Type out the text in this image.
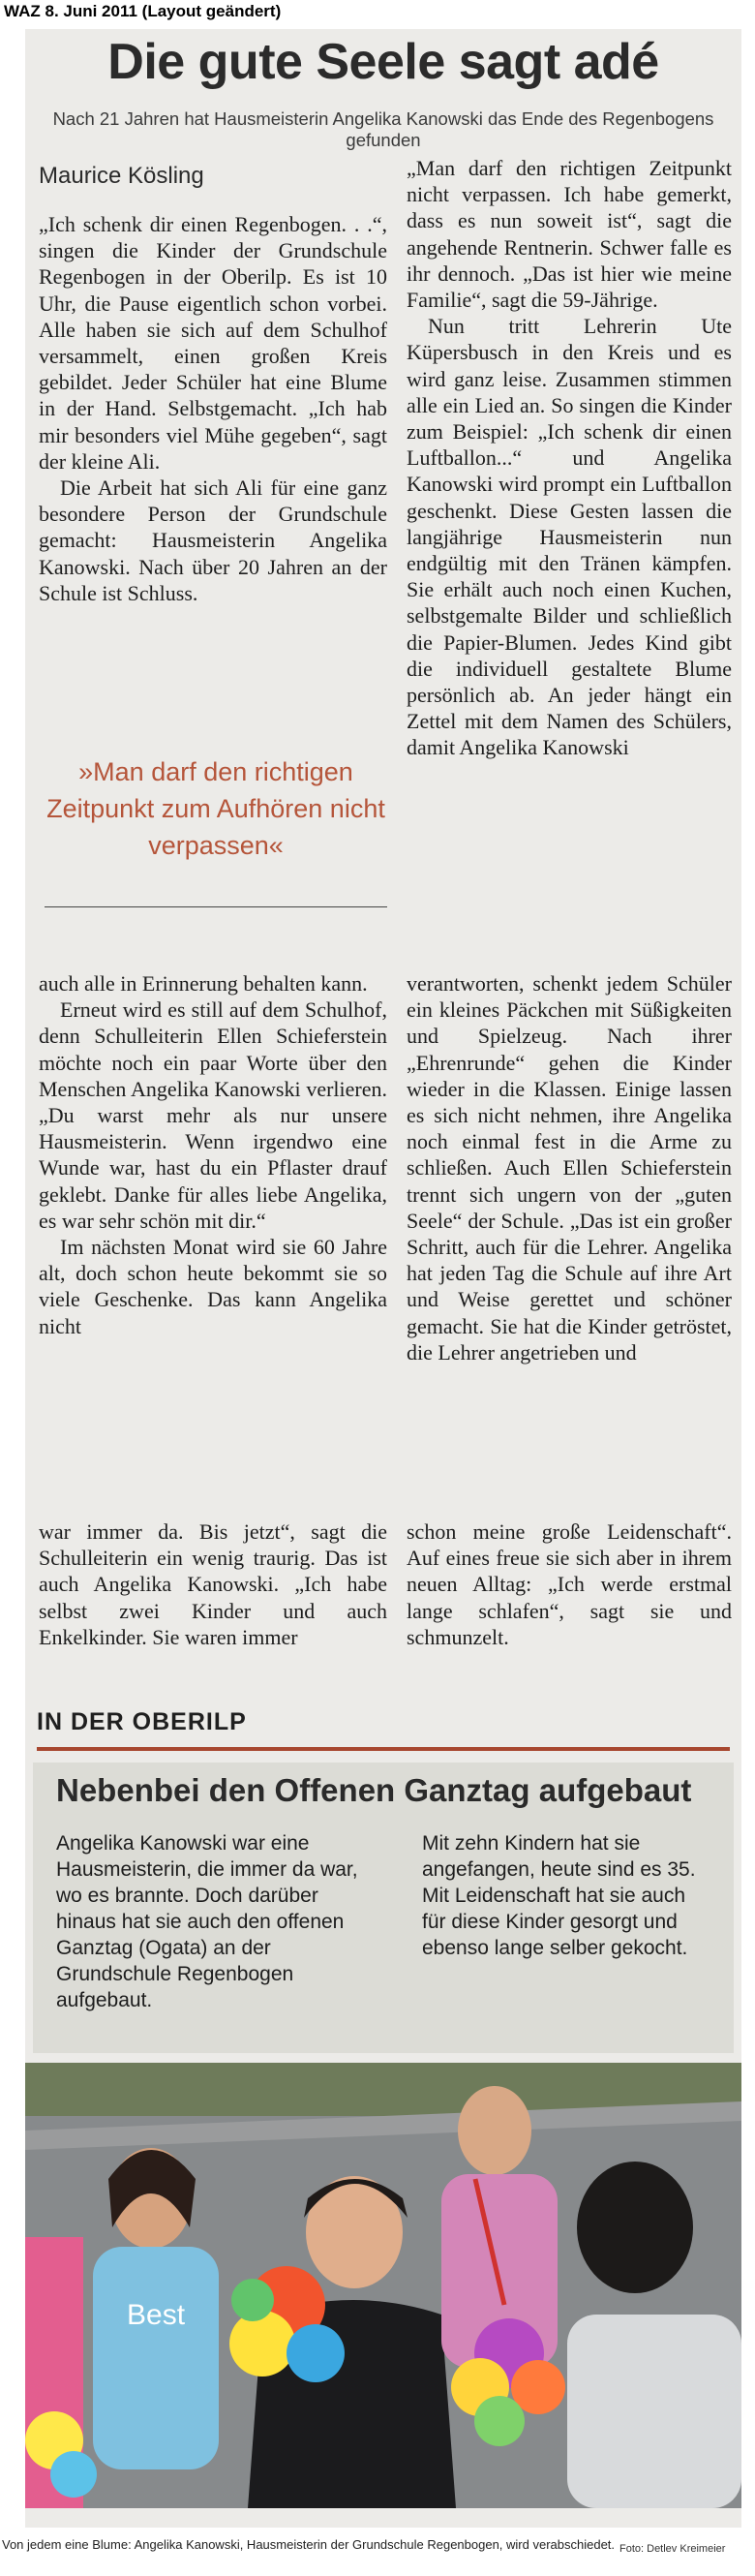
WAZ 8. Juni 2011 (Layout geändert)
Die gute Seele sagt adé
Nach 21 Jahren hat Hausmeisterin Angelika Kanowski das Ende des Regenbogens gefunden
Maurice Kösling

„Ich schenk dir einen Regenbogen. . .“, singen die Kinder der Grundschule Regenbogen in der Oberilp. Es ist 10 Uhr, die Pause eigentlich schon vorbei. Alle haben sie sich auf dem Schulhof versammelt, einen großen Kreis gebildet. Jeder Schüler hat eine Blume in der Hand. Selbstgemacht. „Ich hab mir besonders viel Mühe gegeben“, sagt der kleine Ali.

Die Arbeit hat sich Ali für eine ganz besondere Person der Grundschule gemacht: Hausmeisterin Angelika Kanowski. Nach über 20 Jahren an der Schule ist Schluss.

»Man darf den richtigen Zeitpunkt zum Aufhören nicht verpassen«

„Man darf den richtigen Zeitpunkt nicht verpassen. Ich habe gemerkt, dass es nun soweit ist“, sagt die angehende Rentnerin. Schwer falle es ihr dennoch. „Das ist hier wie meine Familie“, sagt die 59-Jährige.

Nun tritt Lehrerin Ute Küpersbusch in den Kreis und es wird ganz leise. Zusammen stimmen alle ein Lied an. So singen die Kinder zum Beispiel: „Ich schenk dir einen Luftballon...“ und Angelika Kanowski wird prompt ein Luftballon geschenkt. Diese Gesten lassen die langjährige Hausmeisterin nun endgültig mit den Tränen kämpfen. Sie erhält auch noch einen Kuchen, selbstgemalte Bilder und schließlich die Papier-Blumen. Jedes Kind gibt die individuell gestaltete Blume persönlich ab. An jeder hängt ein Zettel mit dem Namen des Schülers, damit Angelika Kanowski

auch alle in Erinnerung behalten kann.

Erneut wird es still auf dem Schulhof, denn Schulleiterin Ellen Schieferstein möchte noch ein paar Worte über den Menschen Angelika Kanowski verlieren. „Du warst mehr als nur unsere Hausmeisterin. Wenn irgendwo eine Wunde war, hast du ein Pflaster drauf geklebt. Danke für alles liebe Angelika, es war sehr schön mit dir.“

Im nächsten Monat wird sie 60 Jahre alt, doch schon heute bekommt sie so viele Geschenke. Das kann Angelika nicht

verantworten, schenkt jedem Schüler ein kleines Päckchen mit Süßigkeiten und Spielzeug. Nach ihrer „Ehrenrunde“ gehen die Kinder wieder in die Klassen. Einige lassen es sich nicht nehmen, ihre Angelika noch einmal fest in die Arme zu schließen. Auch Ellen Schieferstein trennt sich ungern von der „guten Seele“ der Schule. „Das ist ein großer Schritt, auch für die Lehrer. Angelika hat jeden Tag die Schule auf ihre Art und Weise gerettet und schöner gemacht. Sie hat die Kinder getröstet, die Lehrer angetrieben und

war immer da. Bis jetzt“, sagt die Schulleiterin ein wenig traurig. Das ist auch Angelika Kanowski. „Ich habe selbst zwei Kinder und auch Enkelkinder. Sie waren immer

schon meine große Leidenschaft“. Auf eines freue sie sich aber in ihrem neuen Alltag: „Ich werde erstmal lange schlafen“, sagt sie und schmunzelt.

IN DER OBERILP
Nebenbei den Offenen Ganztag aufgebaut
Angelika Kanowski war eine Hausmeisterin, die immer da war, wo es brannte. Doch darüber hinaus hat sie auch den offenen Ganztag (Ogata) an der Grundschule Regenbogen aufgebaut.
Mit zehn Kindern hat sie angefangen, heute sind es 35. Mit Leidenschaft hat sie auch für diese Kinder gesorgt und ebenso lange selber gekocht.
Best
Von jedem eine Blume: Angelika Kanowski, Hausmeisterin der Grundschule Regenbogen, wird verabschiedet. Foto: Detlev Kreimeier
